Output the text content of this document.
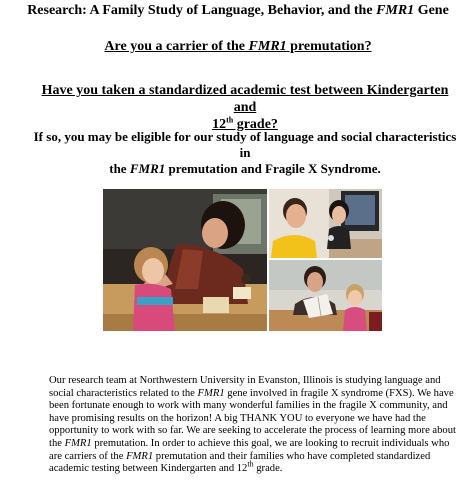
Research: A Family Study of Language, Behavior, and the FMR1 Gene
Are you a carrier of the FMR1 premutation?
Have you taken a standardized academic test between Kindergarten and
12th grade?
If so, you may be eligible for our study of language and social characteristics in
the FMR1 premutation and Fragile X Syndrome.
Our research team at Northwestern University in Evanston, Illinois is studying language and social characteristics related to the FMR1 gene involved in fragile X syndrome (FXS). We have been fortunate enough to work with many wonderful families in the fragile X community, and have promising results on the horizon! A big THANK YOU to everyone we have had the opportunity to work with so far. We are seeking to accelerate the process of learning more about the FMR1 premutation. In order to achieve this goal, we are looking to recruit individuals who are carriers of the FMR1 premutation and their families who have completed standardized academic testing between Kindergarten and 12th grade.
